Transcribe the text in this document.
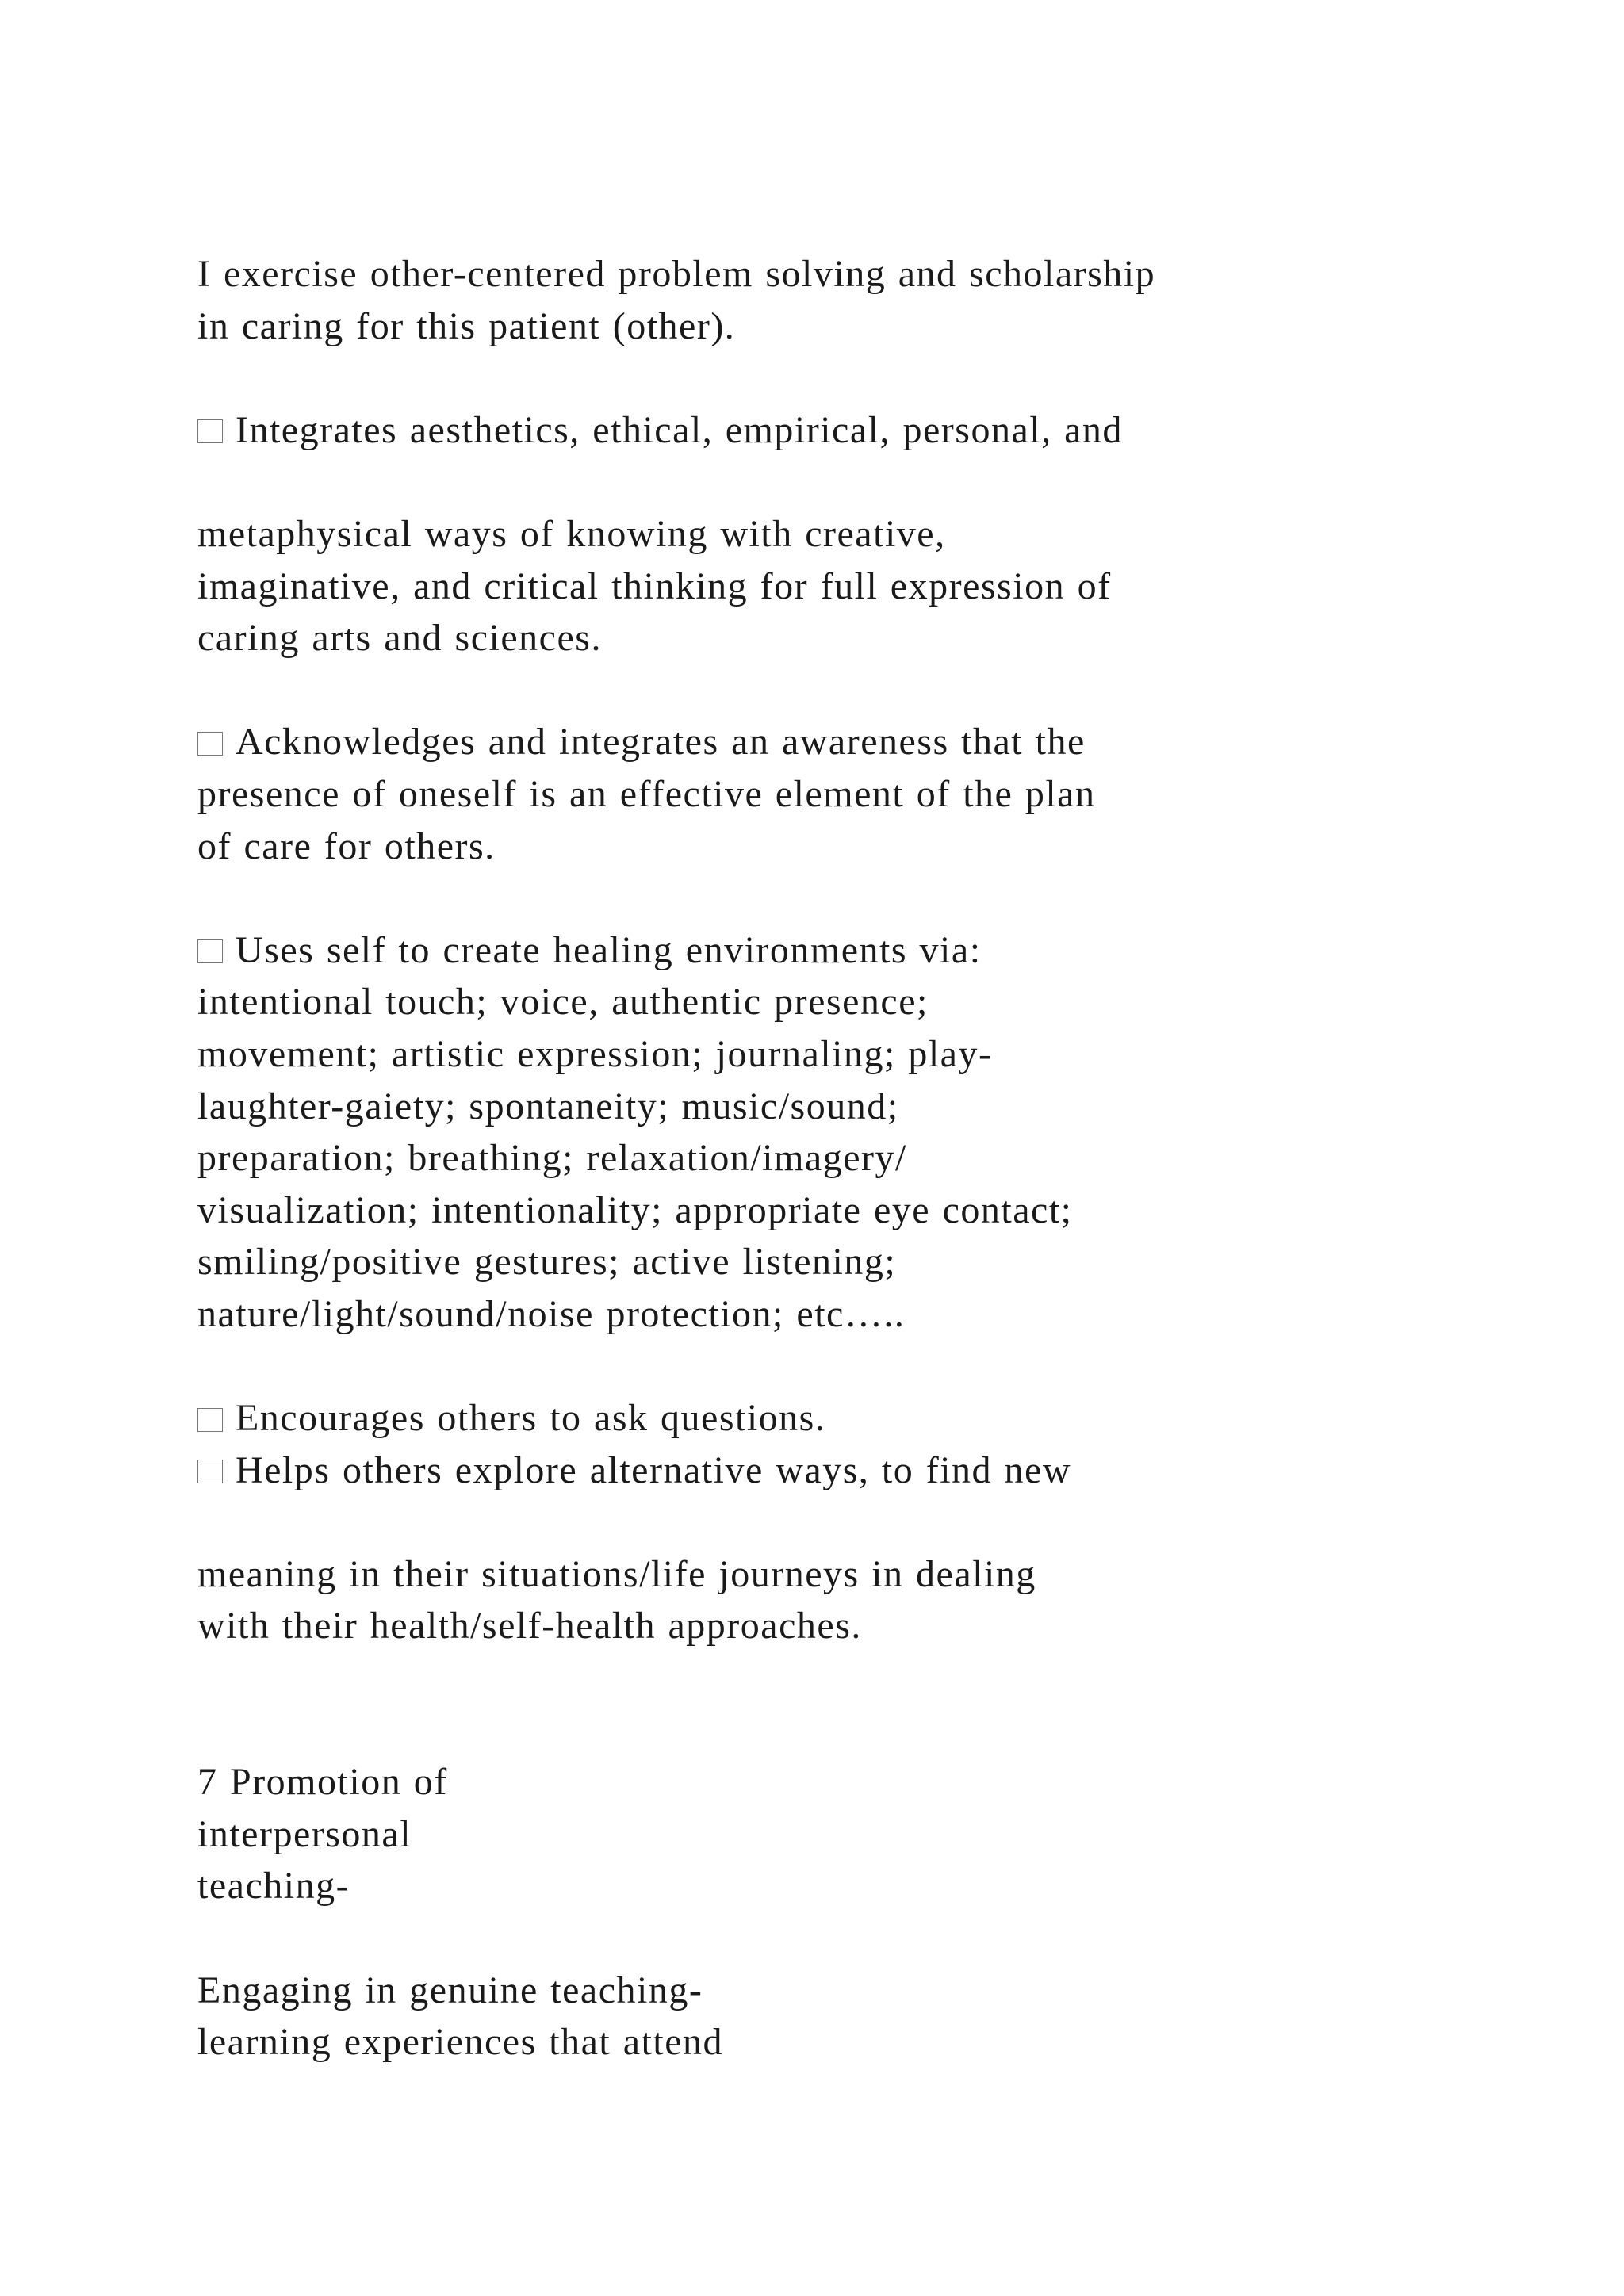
I exercise other-centered problem solving and scholarship
in caring for this patient (other).
Integrates aesthetics, ethical, empirical, personal, and
metaphysical ways of knowing with creative,
imaginative, and critical thinking for full expression of
caring arts and sciences.
Acknowledges and integrates an awareness that the
presence of oneself is an effective element of the plan
of care for others.
Uses self to create healing environments via:
intentional touch; voice, authentic presence;
movement; artistic expression; journaling; play-
laughter-gaiety; spontaneity; music/sound;
preparation; breathing; relaxation/imagery/
visualization; intentionality; appropriate eye contact;
smiling/positive gestures; active listening;
nature/light/sound/noise protection; etc…..
Encourages others to ask questions.
Helps others explore alternative ways, to find new
meaning in their situations/life journeys in dealing
with their health/self-health approaches.
7 Promotion of
interpersonal
teaching-
Engaging in genuine teaching-
learning experiences that attend
